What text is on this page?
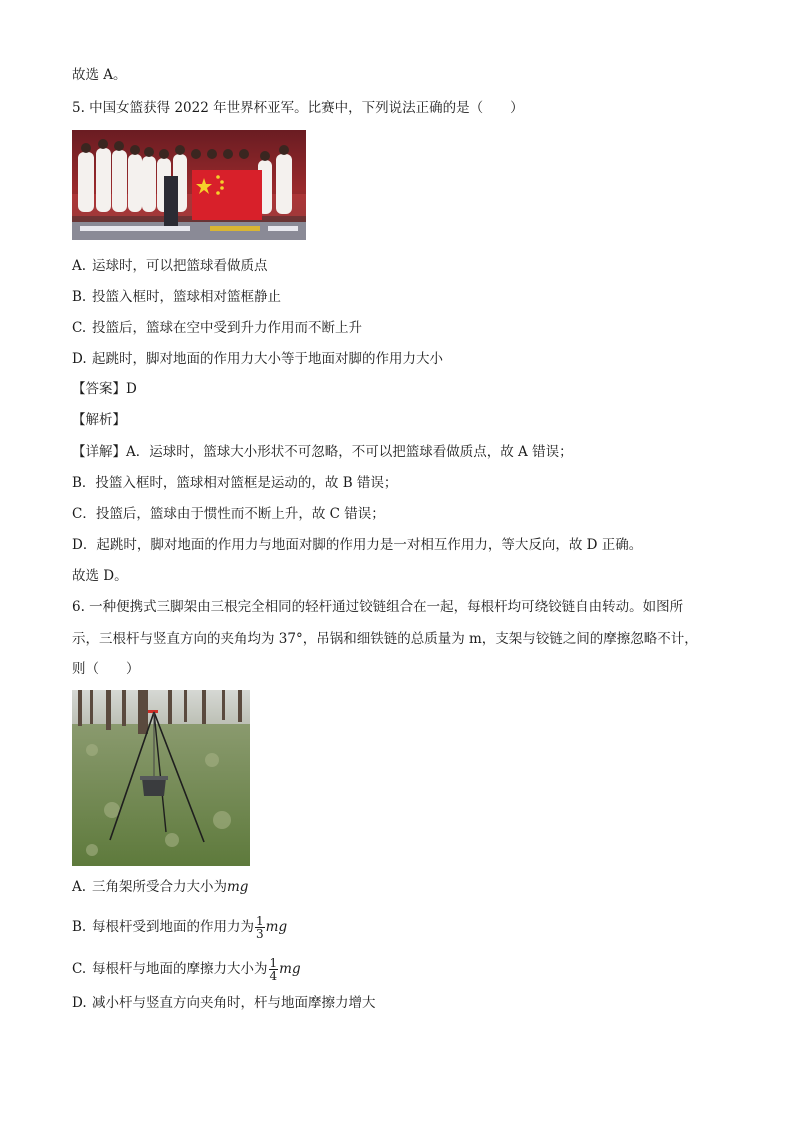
故选 A。
5. 中国女篮获得 2022 年世界杯亚军。比赛中，下列说法正确的是（　　）
A. 运球时，可以把篮球看做质点
B. 投篮入框时，篮球相对篮框静止
C. 投篮后，篮球在空中受到升力作用而不断上升
D. 起跳时，脚对地面的作用力大小等于地面对脚的作用力大小
【答案】D
【解析】
【详解】A．运球时，篮球大小形状不可忽略，不可以把篮球看做质点，故 A 错误；
B．投篮入框时，篮球相对篮框是运动的，故 B 错误；
C．投篮后，篮球由于惯性而不断上升，故 C 错误；
D．起跳时，脚对地面的作用力与地面对脚的作用力是一对相互作用力，等大反向，故 D 正确。
故选 D。
6. 一种便携式三脚架由三根完全相同的轻杆通过铰链组合在一起，每根杆均可绕铰链自由转动。如图所
示，三根杆与竖直方向的夹角均为 37°，吊锅和细铁链的总质量为 m，支架与铰链之间的摩擦忽略不计，
则（　　）
A. 三角架所受合力大小为mg
B. 每根杆受到地面的作用力为 $\frac{1}{3}$ mg
C. 每根杆与地面的摩擦力大小为 $\frac{1}{4}$ mg
D. 减小杆与竖直方向夹角时，杆与地面摩擦力增大
